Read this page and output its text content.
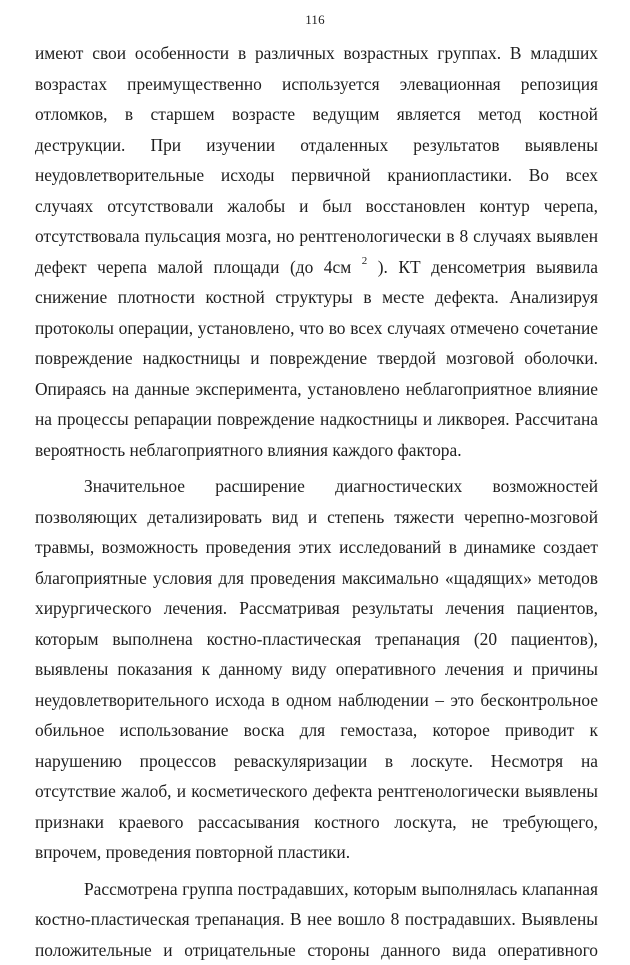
116
имеют свои особенности в различных возрастных группах. В младших
возрастах преимущественно используется элевационная репозиция
отломков, в старшем возрасте ведущим является метод костной
деструкции. При изучении отдаленных результатов выявлены
неудовлетворительные исходы первичной краниопластики. Во всех
случаях отсутствовали жалобы и был восстановлен контур черепа,
отсутствовала пульсация мозга, но рентгенологически в 8 случаях выявлен
дефект черепа малой площади (до 4см $^2$ ). КТ денсометрия выявила
снижение плотности костной структуры в месте дефекта. Анализируя
протоколы операции, установлено, что во всех случаях отмечено сочетание
повреждение надкостницы и повреждение твердой мозговой оболочки.
Опираясь на данные эксперимента, установлено неблагоприятное влияние
на процессы репарации повреждение надкостницы и ликворея. Рассчитана
вероятность неблагоприятного влияния каждого фактора.
Значительное расширение диагностических возможностей
позволяющих детализировать вид и степень тяжести черепно-мозговой
травмы, возможность проведения этих исследований в динамике создает
благоприятные условия для проведения максимально «щадящих» методов
хирургического лечения. Рассматривая результаты лечения пациентов,
которым выполнена костно-пластическая трепанация (20 пациентов),
выявлены показания к данному виду оперативного лечения и причины
неудовлетворительного исхода в одном наблюдении – это бесконтрольное
обильное использование воска для гемостаза, которое приводит к
нарушению процессов реваскуляризации в лоскуте. Несмотря на
отсутствие жалоб, и косметического дефекта рентгенологически выявлены
признаки краевого рассасывания костного лоскута, не требующего,
впрочем, проведения повторной пластики.
Рассмотрена группа пострадавших, которым выполнялась клапанная
костно-пластическая трепанация. В нее вошло 8 пострадавших. Выявлены
положительные и отрицательные стороны данного вида оперативного
